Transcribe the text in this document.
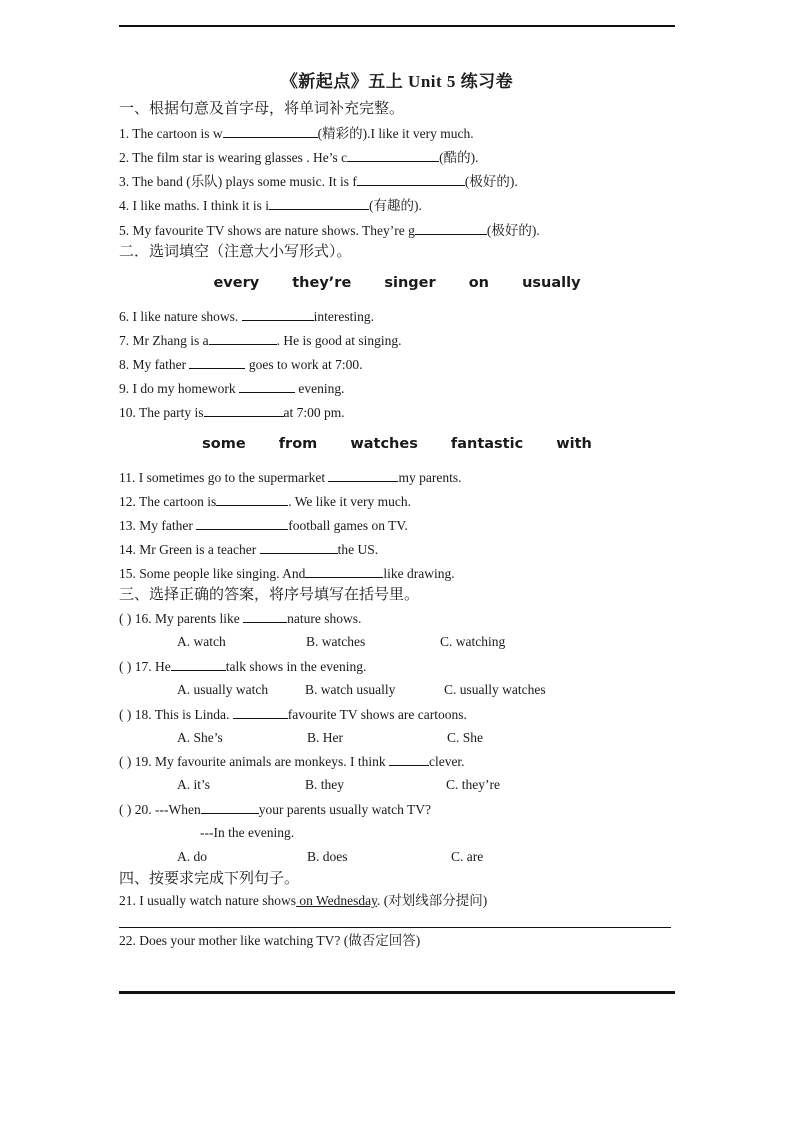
《新起点》五上 Unit 5 练习卷
一、根据句意及首字母，将单词补充完整。
1. The cartoon is w	(精彩的).I like it very much.
2. The film star is wearing glasses . He’s c	(酷的).
3. The band (乐队) plays some music. It is f	(极好的).
4. I like maths. I think it is i	(有趣的).
5. My favourite TV shows are nature shows. They’re g	(极好的).
二．选词填空（注意大小写形式）。
every they’re singer on usually
6. I like nature shows.	interesting.
7. Mr Zhang is a	. He is good at singing.
8. My father	goes to work at 7:00.
9. I do my homework	evening.
10. The party is	at 7:00 pm.
some from watches fantastic with
11. I sometimes go to the supermarket	my parents.
12. The cartoon is	. We like it very much.
13. My father	football games on TV.
14. Mr Green is a teacher	the US.
15. Some people like singing. And	like drawing.
三、选择正确的答案，将序号填写在括号里。
( ) 16. My parents like	nature shows.
A. watch	B. watches	C. watching
( ) 17. He	talk shows in the evening.
A. usually watch	B. watch usually	C. usually watches
( ) 18. This is Linda.	favourite TV shows are cartoons.
A. She’s	B. Her	C. She
( ) 19. My favourite animals are monkeys. I think	clever.
A. it’s	B. they	C. they’re
( ) 20. ---When	your parents usually watch TV?
---In the evening.
A. do	B. does	C. are
四、按要求完成下列句子。
21. I usually watch nature shows on Wednesday. (对划线部分提问)
22. Does your mother like watching TV? (做否定回答)
